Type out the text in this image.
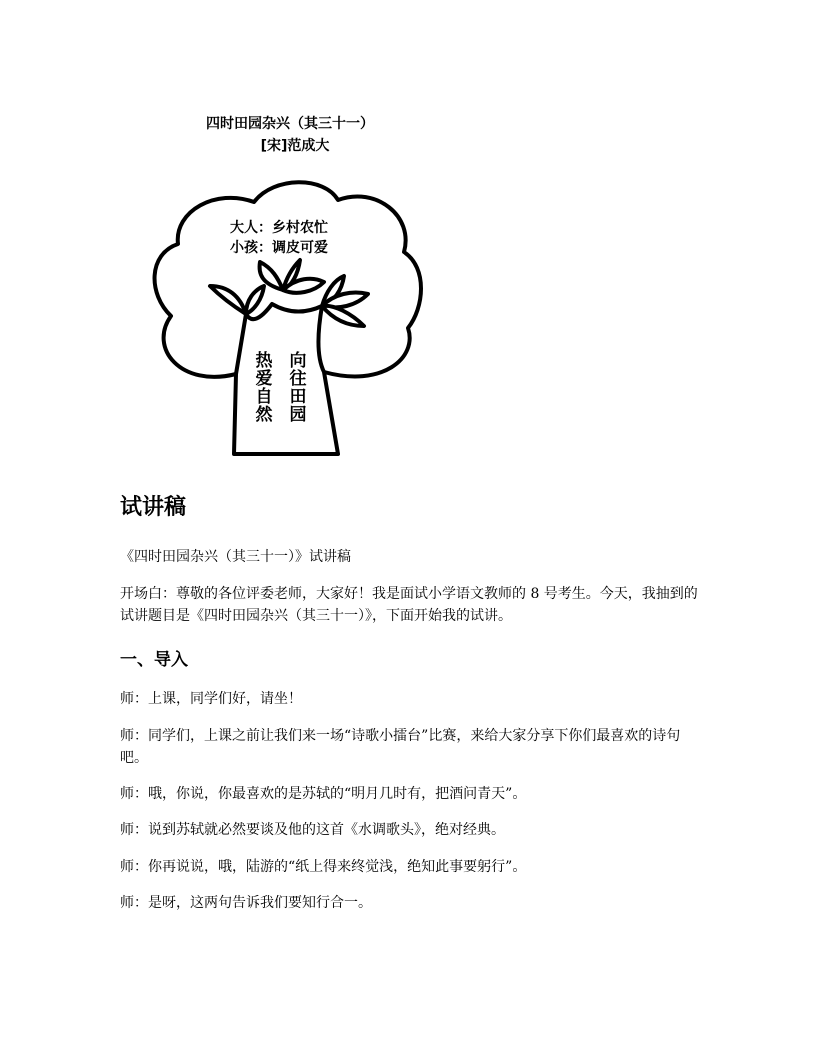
四时田园杂兴（其三十一）
[宋]范成大
大人：乡村农忙
小孩：调皮可爱
热
爱
自
然
向
往
田
园
试讲稿

《四时田园杂兴（其三十一）》试讲稿

开场白：尊敬的各位评委老师，大家好！我是面试小学语文教师的 8 号考生。今天，我抽到的试讲题目是《四时田园杂兴（其三十一）》，下面开始我的试讲。

一、导入

师：上课，同学们好，请坐！

师：同学们，上课之前让我们来一场“诗歌小擂台”比赛，来给大家分享下你们最喜欢的诗句吧。

师：哦，你说，你最喜欢的是苏轼的“明月几时有，把酒问青天”。

师：说到苏轼就必然要谈及他的这首《水调歌头》，绝对经典。

师：你再说说，哦，陆游的“纸上得来终觉浅，绝知此事要躬行”。

师：是呀，这两句告诉我们要知行合一。
